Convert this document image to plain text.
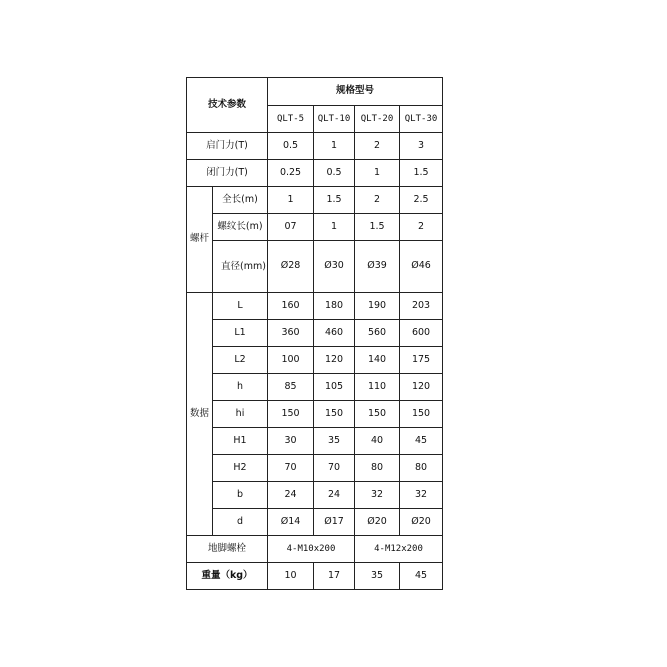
技术参数		规格型号			
		QLT-5	QLT-10	QLT-20	QLT-30
启门力(T)		0.5	1	2	3
闭门力(T)		0.25	0.5	1	1.5
螺杆	全长(m)	1	1.5	2	2.5
	螺纹长(m)	07	1	1.5	2
	直径(mm)	Ø28	Ø30	Ø39	Ø46
数据	L	160	180	190	203
	L1	360	460	560	600
	L2	100	120	140	175
	h	85	105	110	120
	hi	150	150	150	150
	H1	30	35	40	45
	H2	70	70	80	80
	b	24	24	32	32
	d	Ø14	Ø17	Ø20	Ø20
地脚螺栓		4-M10x200		4-M12x200	
重量（kg）		10	17	35	45
